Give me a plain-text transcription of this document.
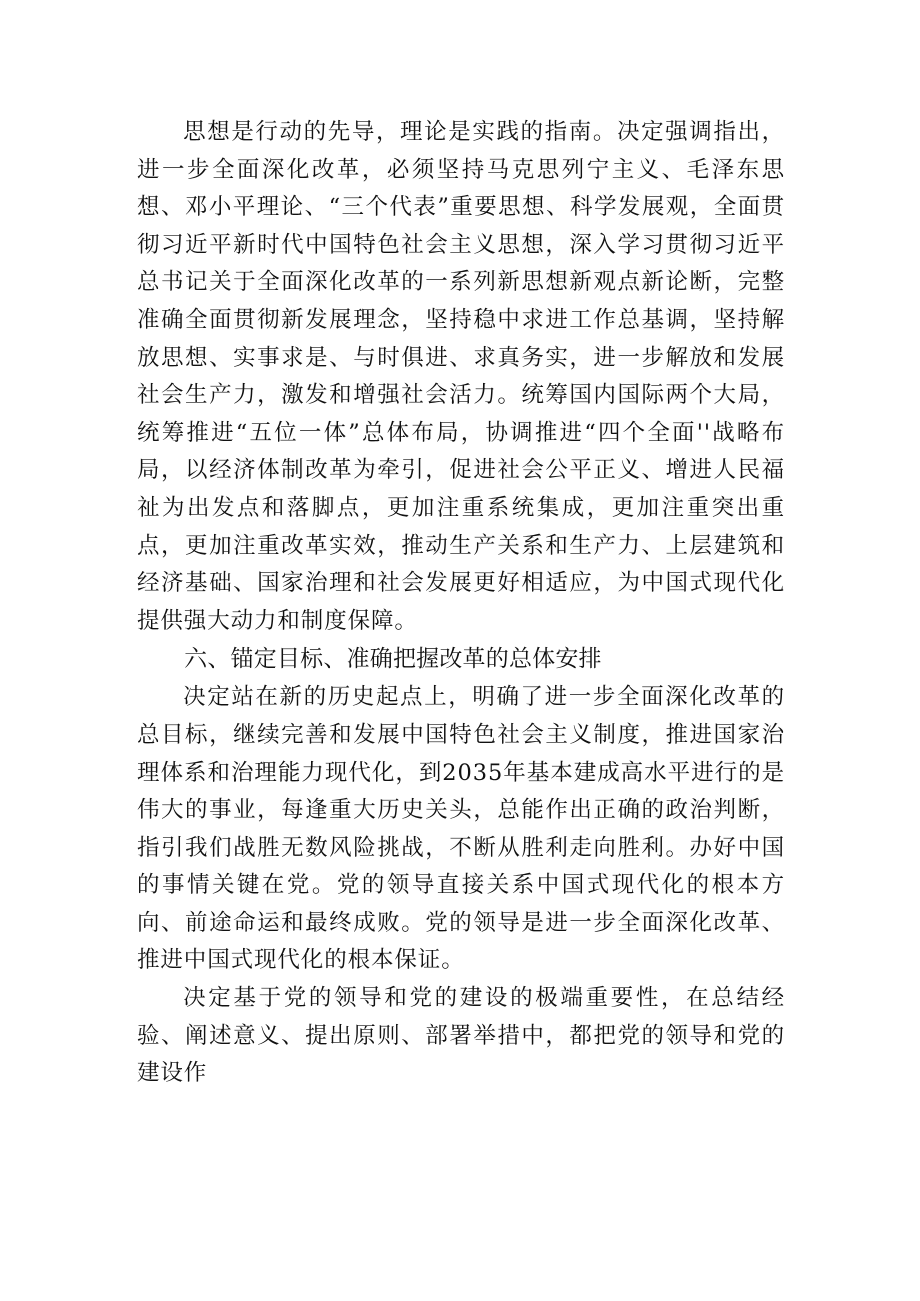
思想是行动的先导，理论是实践的指南。决定强调指出，进一步全面深化改革，必须坚持马克思列宁主义、毛泽东思想、邓小平理论、“三个代表”重要思想、科学发展观，全面贯彻习近平新时代中国特色社会主义思想，深入学习贯彻习近平总书记关于全面深化改革的一系列新思想新观点新论断，完整准确全面贯彻新发展理念，坚持稳中求进工作总基调，坚持解放思想、实事求是、与时俱进、求真务实，进一步解放和发展社会生产力，激发和增强社会活力。统筹国内国际两个大局，统筹推进“五位一体”总体布局，协调推进“四个全面''战略布局，以经济体制改革为牵引，促进社会公平正义、增进人民福祉为出发点和落脚点，更加注重系统集成，更加注重突出重点，更加注重改革实效，推动生产关系和生产力、上层建筑和经济基础、国家治理和社会发展更好相适应，为中国式现代化提供强大动力和制度保障。

六、锚定目标、准确把握改革的总体安排

决定站在新的历史起点上，明确了进一步全面深化改革的总目标，继续完善和发展中国特色社会主义制度，推进国家治理体系和治理能力现代化，到2035年基本建成高水平进行的是伟大的事业，每逢重大历史关头，总能作出正确的政治判断，指引我们战胜无数风险挑战，不断从胜利走向胜利。办好中国的事情关键在党。党的领导直接关系中国式现代化的根本方向、前途命运和最终成败。党的领导是进一步全面深化改革、推进中国式现代化的根本保证。

决定基于党的领导和党的建设的极端重要性，在总结经验、阐述意义、提出原则、部署举措中，都把党的领导和党的建设作
